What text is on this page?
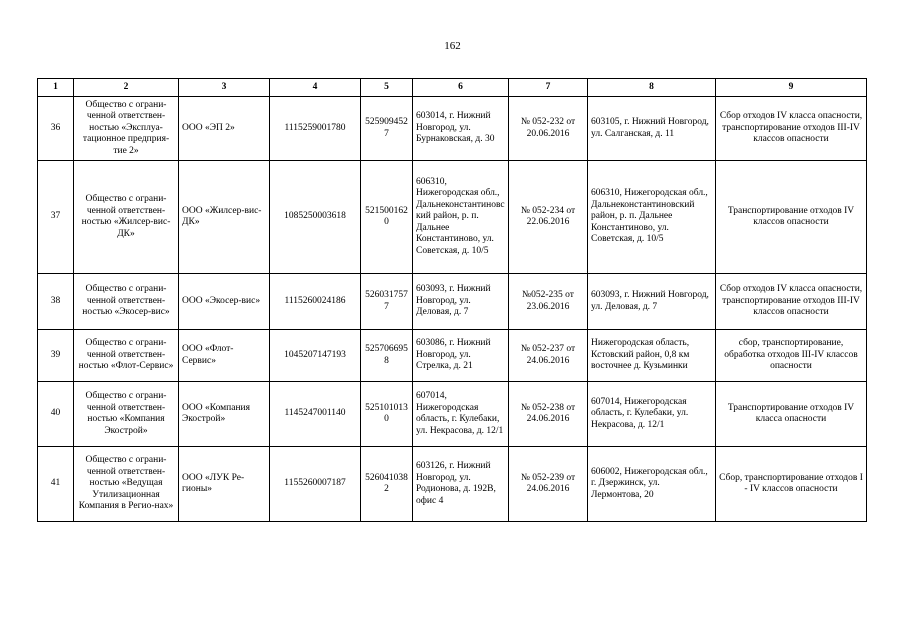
162
1	2	3	4	5	6	7	8	9
36	Общество с ограни-ченной ответствен-ностью «Эксплуа-тационное предприя-тие 2»	ООО «ЭП 2»	1115259001780	5259094527	603014, г. Нижний Новгород, ул. Бурнаковская, д. 30	№ 052-232 от 20.06.2016	603105, г. Нижний Новгород, ул. Салганская, д. 11	Сбор отходов IV класса опасности, транспортирование отходов III-IV классов опасности
37	Общество с ограни-ченной ответствен-ностью «Жилсер-вис-ДК»	ООО «Жилсер-вис-ДК»	1085250003618	5215001620	606310, Нижегородская обл., Дальнеконстантиновский район, р. п. Дальнее Константиново, ул. Советская, д. 10/5	№ 052-234 от 22.06.2016	606310, Нижегородская обл., Дальнеконстантиновский район, р. п. Дальнее Константиново, ул. Советская, д. 10/5	Транспортирование отходов IV классов опасности
38	Общество с ограни-ченной ответствен-ностью «Экосер-вис»	ООО «Экосер-вис»	1115260024186	5260317577	603093, г. Нижний Новгород, ул. Деловая, д. 7	№052-235 от 23.06.2016	603093, г. Нижний Новгород, ул. Деловая, д. 7	Сбор отходов IV класса опасности, транспортирование отходов III-IV классов опасности
39	Общество с ограни-ченной ответствен-ностью «Флот-Сервис»	ООО «Флот-Сервис»	1045207147193	5257066958	603086, г. Нижний Новгород, ул. Стрелка, д. 21	№ 052-237 от 24.06.2016	Нижегородская область, Кстовский район, 0,8 км восточнее д. Кузьминки	сбор, транспортирование, обработка отходов III-IV классов опасности
40	Общество с ограни-ченной ответствен-ностью «Компания Экострой»	ООО «Компания Экострой»	1145247001140	5251010130	607014, Нижегородская область, г. Кулебаки, ул. Некрасова, д. 12/1	№ 052-238 от 24.06.2016	607014, Нижегородская область, г. Кулебаки, ул. Некрасова, д. 12/1	Транспортирование отходов IV класса опасности
41	Общество с ограни-ченной ответствен-ностью «Ведущая Утилизационная Компания в Регио-нах»	ООО «ЛУК Ре-гионы»	1155260007187	5260410382	603126, г. Нижний Новгород, ул. Родионова, д. 192В, офис 4	№ 052-239 от 24.06.2016	606002, Нижегородская обл., г. Дзержинск, ул. Лермонтова, 20	Сбор, транспортирование отходов I - IV классов опасности
